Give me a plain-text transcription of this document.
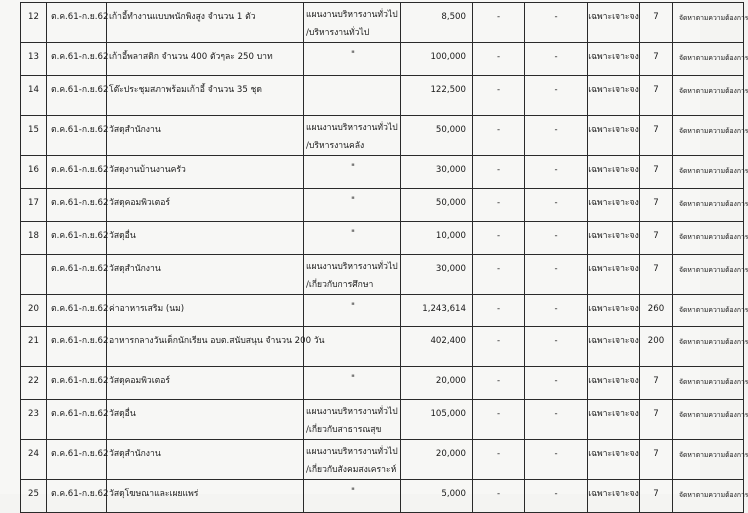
12	ต.ค.61-ก.ย.62	เก้าอี้ทำงานแบบพนักพิงสูง จำนวน 1 ตัว	แผนงานบริหารงานทั่วไป
/บริหารงานทั่วไป	8,500	-	-	เฉพาะเจาะจง	7	จัดหาตามความต้องการ
13	ต.ค.61-ก.ย.62	เก้าอี้พลาสติก จำนวน 400 ตัวๆละ 250 บาท	"	100,000	-	-	เฉพาะเจาะจง	7	จัดหาตามความต้องการ
14	ต.ค.61-ก.ย.62	โต๊ะประชุมสภาพร้อมเก้าอี้ จำนวน 35 ชุด		122,500	-	-	เฉพาะเจาะจง	7	จัดหาตามความต้องการ
15	ต.ค.61-ก.ย.62	วัสดุสำนักงาน	แผนงานบริหารงานทั่วไป
/บริหารงานคลัง	50,000	-	-	เฉพาะเจาะจง	7	จัดหาตามความต้องการ
16	ต.ค.61-ก.ย.62	วัสดุงานบ้านงานครัว	"	30,000	-	-	เฉพาะเจาะจง	7	จัดหาตามความต้องการ
17	ต.ค.61-ก.ย.62	วัสดุคอมพิวเตอร์	"	50,000	-	-	เฉพาะเจาะจง	7	จัดหาตามความต้องการ
18	ต.ค.61-ก.ย.62	วัสดุอื่น	"	10,000	-	-	เฉพาะเจาะจง	7	จัดหาตามความต้องการ
	ต.ค.61-ก.ย.62	วัสดุสำนักงาน	แผนงานบริหารงานทั่วไป
/เกี่ยวกับการศึกษา	30,000	-	-	เฉพาะเจาะจง	7	จัดหาตามความต้องการ
20	ต.ค.61-ก.ย.62	ค่าอาหารเสริม (นม)	"	1,243,614	-	-	เฉพาะเจาะจง	260	จัดหาตามความต้องการ
21	ต.ค.61-ก.ย.62	อาหารกลางวันเด็กนักเรียน อบต.สนับสนุน จำนวน 200 วัน		402,400	-	-	เฉพาะเจาะจง	200	จัดหาตามความต้องการ
22	ต.ค.61-ก.ย.62	วัสดุคอมพิวเตอร์	"	20,000	-	-	เฉพาะเจาะจง	7	จัดหาตามความต้องการ
23	ต.ค.61-ก.ย.62	วัสดุอื่น	แผนงานบริหารงานทั่วไป
/เกี่ยวกับสาธารณสุข	105,000	-	-	เฉพาะเจาะจง	7	จัดหาตามความต้องการ
24	ต.ค.61-ก.ย.62	วัสดุสำนักงาน	แผนงานบริหารงานทั่วไป
/เกี่ยวกับสังคมสงเคราะห์	20,000	-	-	เฉพาะเจาะจง	7	จัดหาตามความต้องการ
25	ต.ค.61-ก.ย.62	วัสดุโฆษณาและเผยแพร่	"	5,000	-	-	เฉพาะเจาะจง	7	จัดหาตามความต้องการ
